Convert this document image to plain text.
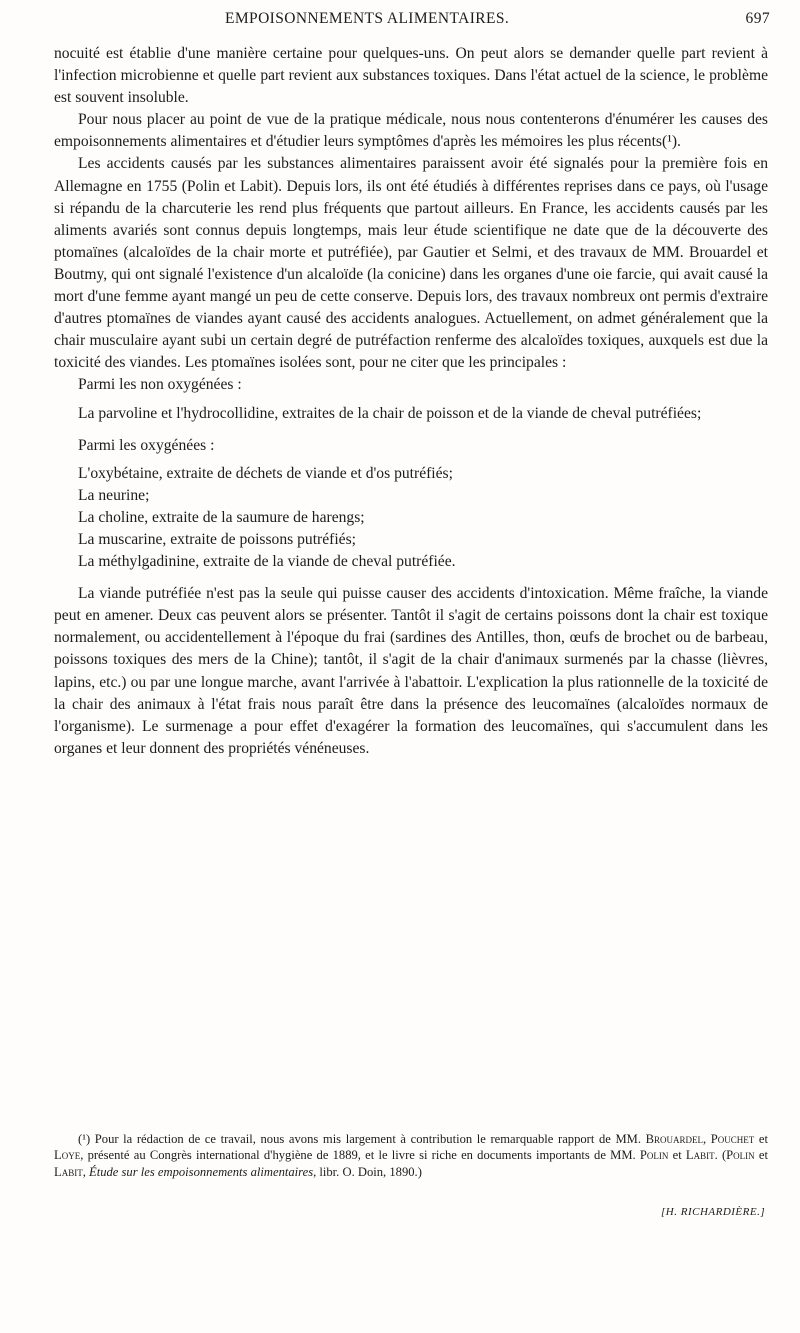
EMPOISONNEMENTS ALIMENTAIRES.	697

nocuité est établie d'une manière certaine pour quelques-uns. On peut alors se demander quelle part revient à l'infection microbienne et quelle part revient aux substances toxiques. Dans l'état actuel de la science, le problème est souvent insoluble.

Pour nous placer au point de vue de la pratique médicale, nous nous contenterons d'énumérer les causes des empoisonnements alimentaires et d'étudier leurs symptômes d'après les mémoires les plus récents(¹).

Les accidents causés par les substances alimentaires paraissent avoir été signalés pour la première fois en Allemagne en 1755 (Polin et Labit). Depuis lors, ils ont été étudiés à différentes reprises dans ce pays, où l'usage si répandu de la charcuterie les rend plus fréquents que partout ailleurs. En France, les accidents causés par les aliments avariés sont connus depuis longtemps, mais leur étude scientifique ne date que de la découverte des ptomaïnes (alcaloïdes de la chair morte et putréfiée), par Gautier et Selmi, et des travaux de MM. Brouardel et Boutmy, qui ont signalé l'existence d'un alcaloïde (la conicine) dans les organes d'une oie farcie, qui avait causé la mort d'une femme ayant mangé un peu de cette conserve. Depuis lors, des travaux nombreux ont permis d'extraire d'autres ptomaïnes de viandes ayant causé des accidents analogues. Actuellement, on admet généralement que la chair musculaire ayant subi un certain degré de putréfaction renferme des alcaloïdes toxiques, auxquels est due la toxicité des viandes. Les ptomaïnes isolées sont, pour ne citer que les principales :

Parmi les non oxygénées :

La parvoline et l'hydrocollidine, extraites de la chair de poisson et de la viande de cheval putréfiées;

Parmi les oxygénées :

L'oxybétaine, extraite de déchets de viande et d'os putréfiés;
La neurine;
La choline, extraite de la saumure de harengs;
La muscarine, extraite de poissons putréfiés;
La méthylgadinine, extraite de la viande de cheval putréfiée.

La viande putréfiée n'est pas la seule qui puisse causer des accidents d'intoxication. Même fraîche, la viande peut en amener. Deux cas peuvent alors se présenter. Tantôt il s'agit de certains poissons dont la chair est toxique normalement, ou accidentellement à l'époque du frai (sardines des Antilles, thon, œufs de brochet ou de barbeau, poissons toxiques des mers de la Chine); tantôt, il s'agit de la chair d'animaux surmenés par la chasse (lièvres, lapins, etc.) ou par une longue marche, avant l'arrivée à l'abattoir. L'explication la plus rationnelle de la toxicité de la chair des animaux à l'état frais nous paraît être dans la présence des leucomaïnes (alcaloïdes normaux de l'organisme). Le surmenage a pour effet d'exagérer la formation des leucomaïnes, qui s'accumulent dans les organes et leur donnent des propriétés vénéneuses.

(¹) Pour la rédaction de ce travail, nous avons mis largement à contribution le remarquable rapport de MM. Brouardel, Pouchet et Loye, présenté au Congrès international d'hygiène de 1889, et le livre si riche en documents importants de MM. Polin et Labit. (Polin et Labit, Étude sur les empoisonnements alimentaires, libr. O. Doin, 1890.)

[H. RICHARDIÈRE.]
